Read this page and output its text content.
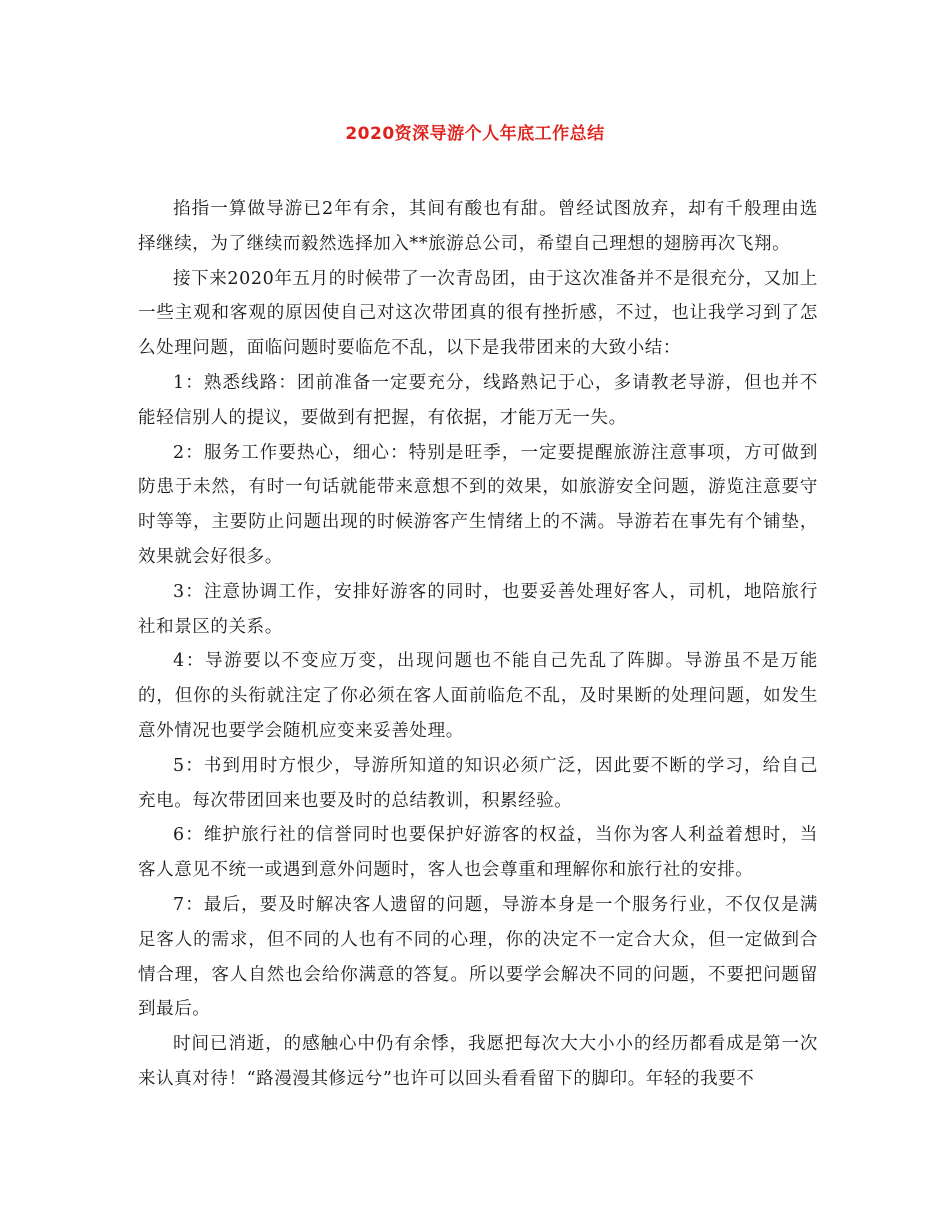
2020资深导游个人年底工作总结

掐指一算做导游已2年有余，其间有酸也有甜。曾经试图放弃，却有千般理由选择继续，为了继续而毅然选择加入**旅游总公司，希望自己理想的翅膀再次飞翔。

接下来2020年五月的时候带了一次青岛团，由于这次准备并不是很充分，又加上一些主观和客观的原因使自己对这次带团真的很有挫折感，不过，也让我学习到了怎么处理问题，面临问题时要临危不乱，以下是我带团来的大致小结：

1：熟悉线路：团前准备一定要充分，线路熟记于心，多请教老导游，但也并不能轻信别人的提议，要做到有把握，有依据，才能万无一失。

2：服务工作要热心，细心：特别是旺季，一定要提醒旅游注意事项，方可做到防患于未然，有时一句话就能带来意想不到的效果，如旅游安全问题，游览注意要守时等等，主要防止问题出现的时候游客产生情绪上的不满。导游若在事先有个铺垫，效果就会好很多。

3：注意协调工作，安排好游客的同时，也要妥善处理好客人，司机，地陪旅行社和景区的关系。

4：导游要以不变应万变，出现问题也不能自己先乱了阵脚。导游虽不是万能的，但你的头衔就注定了你必须在客人面前临危不乱，及时果断的处理问题，如发生意外情况也要学会随机应变来妥善处理。

5：书到用时方恨少，导游所知道的知识必须广泛，因此要不断的学习，给自己充电。每次带团回来也要及时的总结教训，积累经验。

6：维护旅行社的信誉同时也要保护好游客的权益，当你为客人利益着想时，当客人意见不统一或遇到意外问题时，客人也会尊重和理解你和旅行社的安排。

7：最后，要及时解决客人遗留的问题，导游本身是一个服务行业，不仅仅是满足客人的需求，但不同的人也有不同的心理，你的决定不一定合大众，但一定做到合情合理，客人自然也会给你满意的答复。所以要学会解决不同的问题，不要把问题留到最后。

时间已消逝，的感触心中仍有余悸，我愿把每次大大小小的经历都看成是第一次来认真对待！“路漫漫其修远兮”也许可以回头看看留下的脚印。年轻的我要不
